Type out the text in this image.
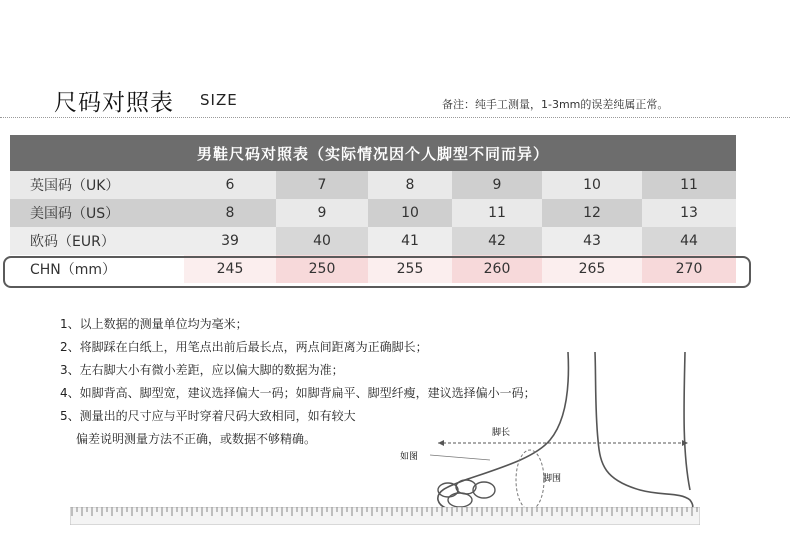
尺码对照表 SIZE	备注：纯手工测量，1-3mm的误差纯属正常。
男鞋尺码对照表（实际情况因个人脚型不同而异）
英国码（UK）	6	7	8	9	10	11
美国码（US）	8	9	10	11	12	13
欧码（EUR）	39	40	41	42	43	44
CHN（mm）	245	250	255	260	265	270
1、以上数据的测量单位均为毫米；
2、将脚踩在白纸上，用笔点出前后最长点，两点间距离为正确脚长；
3、左右脚大小有微小差距，应以偏大脚的数据为准；
4、如脚背高、脚型宽，建议选择偏大一码；如脚背扁平、脚型纤瘦，建议选择偏小一码；
5、测量出的尺寸应与平时穿着尺码大致相同，如有较大
偏差说明测量方法不正确，或数据不够精确。	脚长
如图
脚围
